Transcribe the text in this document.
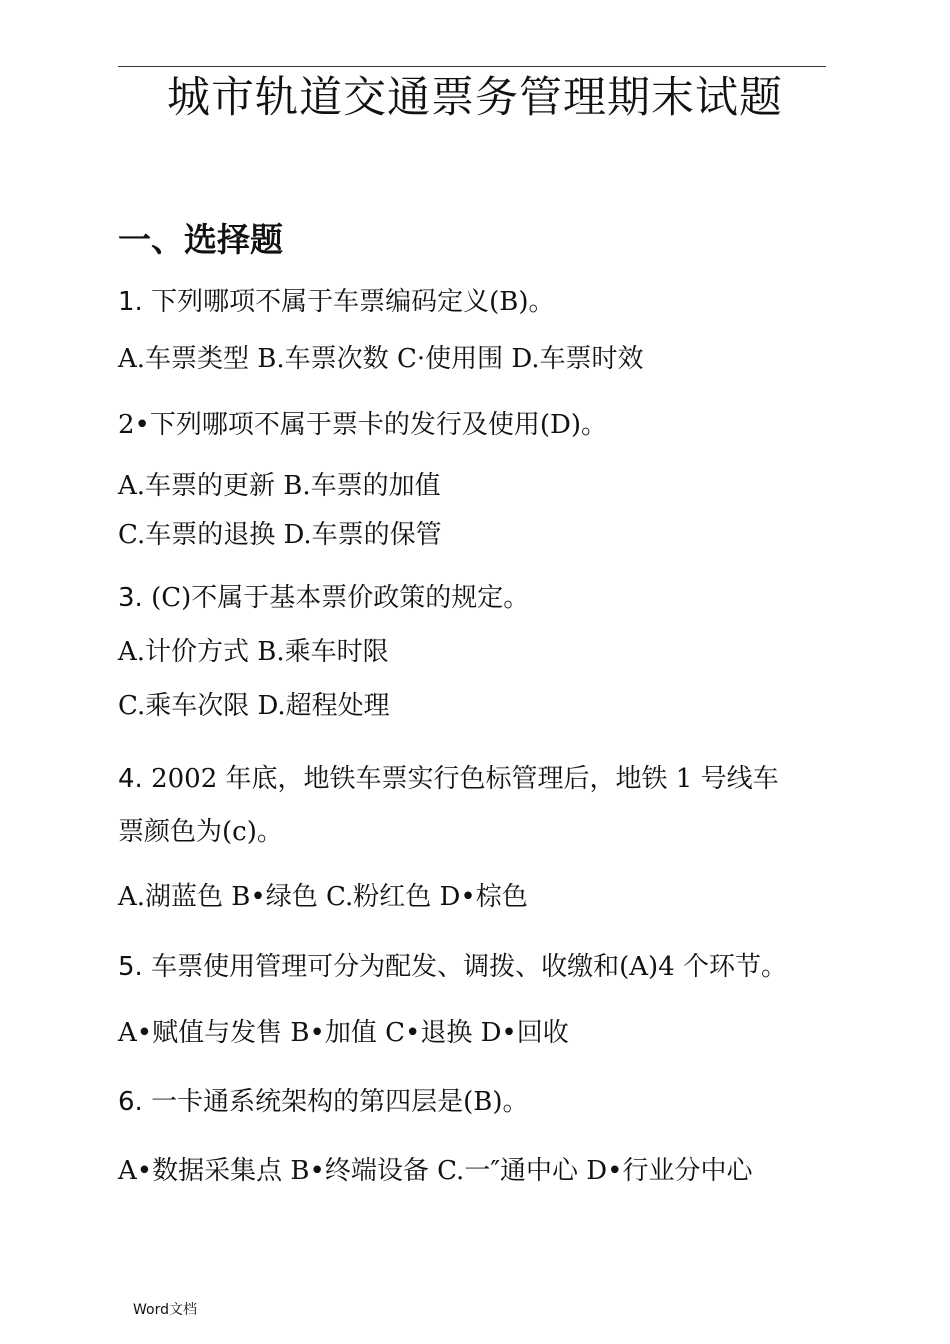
城市轨道交通票务管理期末试题
一、选择题
1. 下列哪项不属于车票编码定义(B)。
A.车票类型 B.车票次数 C·使用围 D.车票时效
2•下列哪项不属于票卡的发行及使用(D)。
A.车票的更新 B.车票的加值
C.车票的退换 D.车票的保管
3. (C)不属于基本票价政策的规定。
A.计价方式 B.乘车时限
C.乘车次限 D.超程处理
4. 2002 年底，地铁车票实行色标管理后，地铁 1 号线车
票颜色为(c)。
A.湖蓝色 B•绿色 C.粉红色 D•棕色
5. 车票使用管理可分为配发、调拨、收缴和(A)4 个环节。
A•赋值与发售 B•加值 C•退换 D•回收
6. 一卡通系统架构的第四层是(B)。
A•数据采集点 B•终端设备 C.一″通中心 D•行业分中心
Word文档
